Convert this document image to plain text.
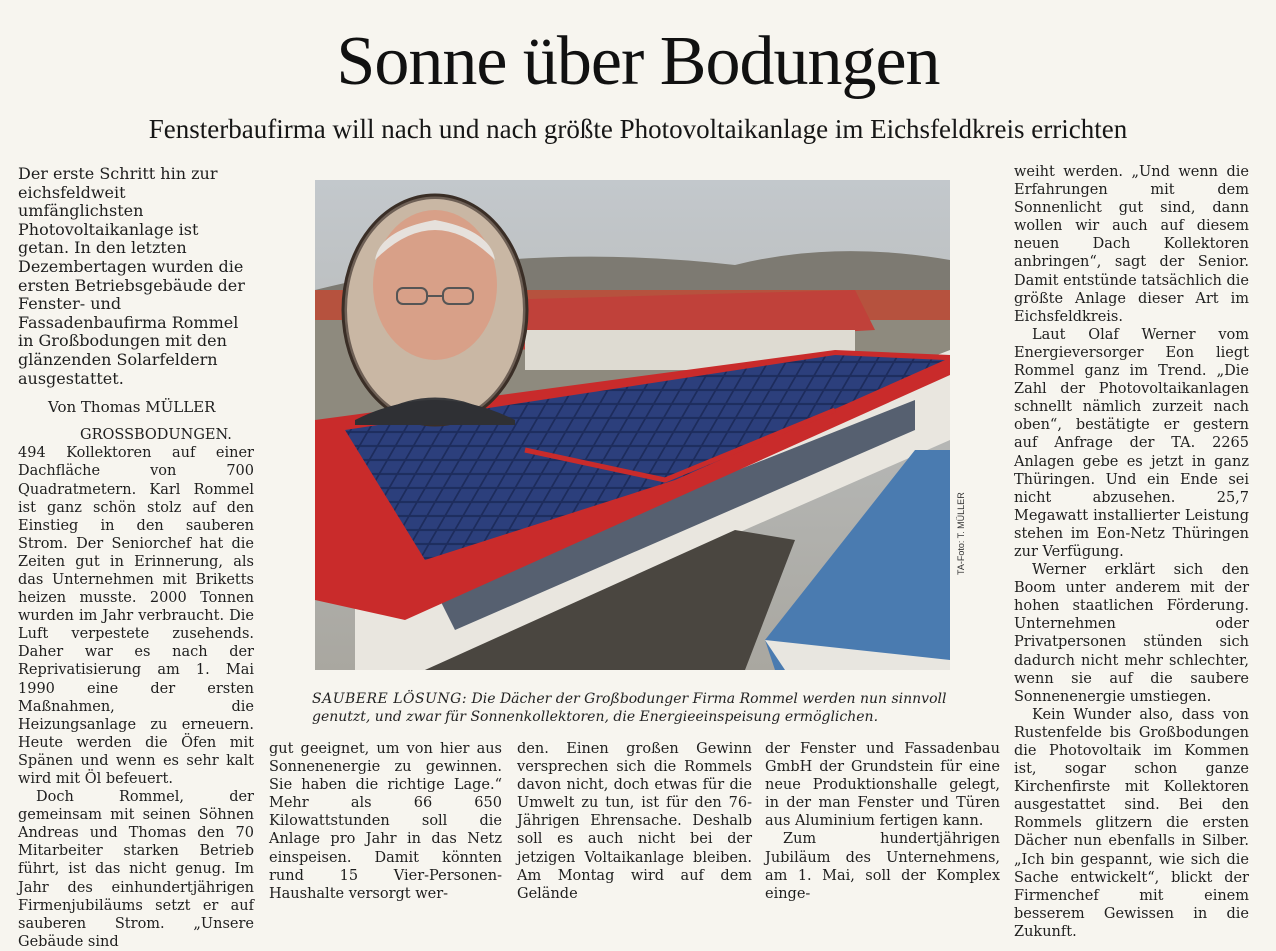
Sonne über Bodungen
Fensterbaufirma will nach und nach größte Photovoltaikanlage im Eichsfeldkreis errichten

Der erste Schritt hin zur eichsfeldweit umfänglichsten Photovoltaikanlage ist getan. In den letzten Dezembertagen wurden die ersten Betriebsgebäude der Fenster- und Fassadenbaufirma Rommel in Großbodungen mit den glänzenden Solarfeldern ausgestattet.

Von Thomas MÜLLER

GROSSBODUNGEN. 494 Kollektoren auf einer Dachfläche von 700 Quadratmetern. Karl Rommel ist ganz schön stolz auf den Einstieg in den sauberen Strom. Der Seniorchef hat die Zeiten gut in Erinnerung, als das Unternehmen mit Briketts heizen musste. 2000 Tonnen wurden im Jahr verbraucht. Die Luft verpestete zusehends. Daher war es nach der Reprivatisierung am 1. Mai 1990 eine der ersten Maßnahmen, die Heizungsanlage zu erneuern. Heute werden die Öfen mit Spänen und wenn es sehr kalt wird mit Öl befeuert.

Doch Rommel, der gemeinsam mit seinen Söhnen Andreas und Thomas den 70 Mitarbeiter starken Betrieb führt, ist das nicht genug. Im Jahr des einhundertjährigen Firmenjubiläums setzt er auf sauberen Strom. „Unsere Gebäude sind

TA-Foto: T. MÜLLER
SAUBERE LÖSUNG: Die Dächer der Großbodunger Firma Rommel werden nun sinnvoll genutzt, und zwar für Sonnenkollektoren, die Energieeinspeisung ermöglichen.

gut geeignet, um von hier aus Sonnenenergie zu gewinnen. Sie haben die richtige Lage.“ Mehr als 66 650 Kilowattstunden soll die Anlage pro Jahr in das Netz einspeisen. Damit könnten rund 15 Vier-Personen-Haushalte versorgt wer-

den. Einen großen Gewinn versprechen sich die Rommels davon nicht, doch etwas für die Umwelt zu tun, ist für den 76-Jährigen Ehrensache. Deshalb soll es auch nicht bei der jetzigen Voltaikanlage bleiben. Am Montag wird auf dem Gelände

der Fenster und Fassadenbau GmbH der Grundstein für eine neue Produktionshalle gelegt, in der man Fenster und Türen aus Aluminium fertigen kann.

Zum hundertjährigen Jubiläum des Unternehmens, am 1. Mai, soll der Komplex einge-

weiht werden. „Und wenn die Erfahrungen mit dem Sonnenlicht gut sind, dann wollen wir auch auf diesem neuen Dach Kollektoren anbringen“, sagt der Senior. Damit entstünde tatsächlich die größte Anlage dieser Art im Eichsfeldkreis.

Laut Olaf Werner vom Energieversorger Eon liegt Rommel ganz im Trend. „Die Zahl der Photovoltaikanlagen schnellt nämlich zurzeit nach oben“, bestätigte er gestern auf Anfrage der TA. 2265 Anlagen gebe es jetzt in ganz Thüringen. Und ein Ende sei nicht abzusehen. 25,7 Megawatt installierter Leistung stehen im Eon-Netz Thüringen zur Verfügung.

Werner erklärt sich den Boom unter anderem mit der hohen staatlichen Förderung. Unternehmen oder Privatpersonen stünden sich dadurch nicht mehr schlechter, wenn sie auf die saubere Sonnenenergie umstiegen.

Kein Wunder also, dass von Rustenfelde bis Großbodungen die Photovoltaik im Kommen ist, sogar schon ganze Kirchenfirste mit Kollektoren ausgestattet sind. Bei den Rommels glitzern die ersten Dächer nun ebenfalls in Silber. „Ich bin gespannt, wie sich die Sache entwickelt“, blickt der Firmenchef mit einem besserem Gewissen in die Zukunft.
